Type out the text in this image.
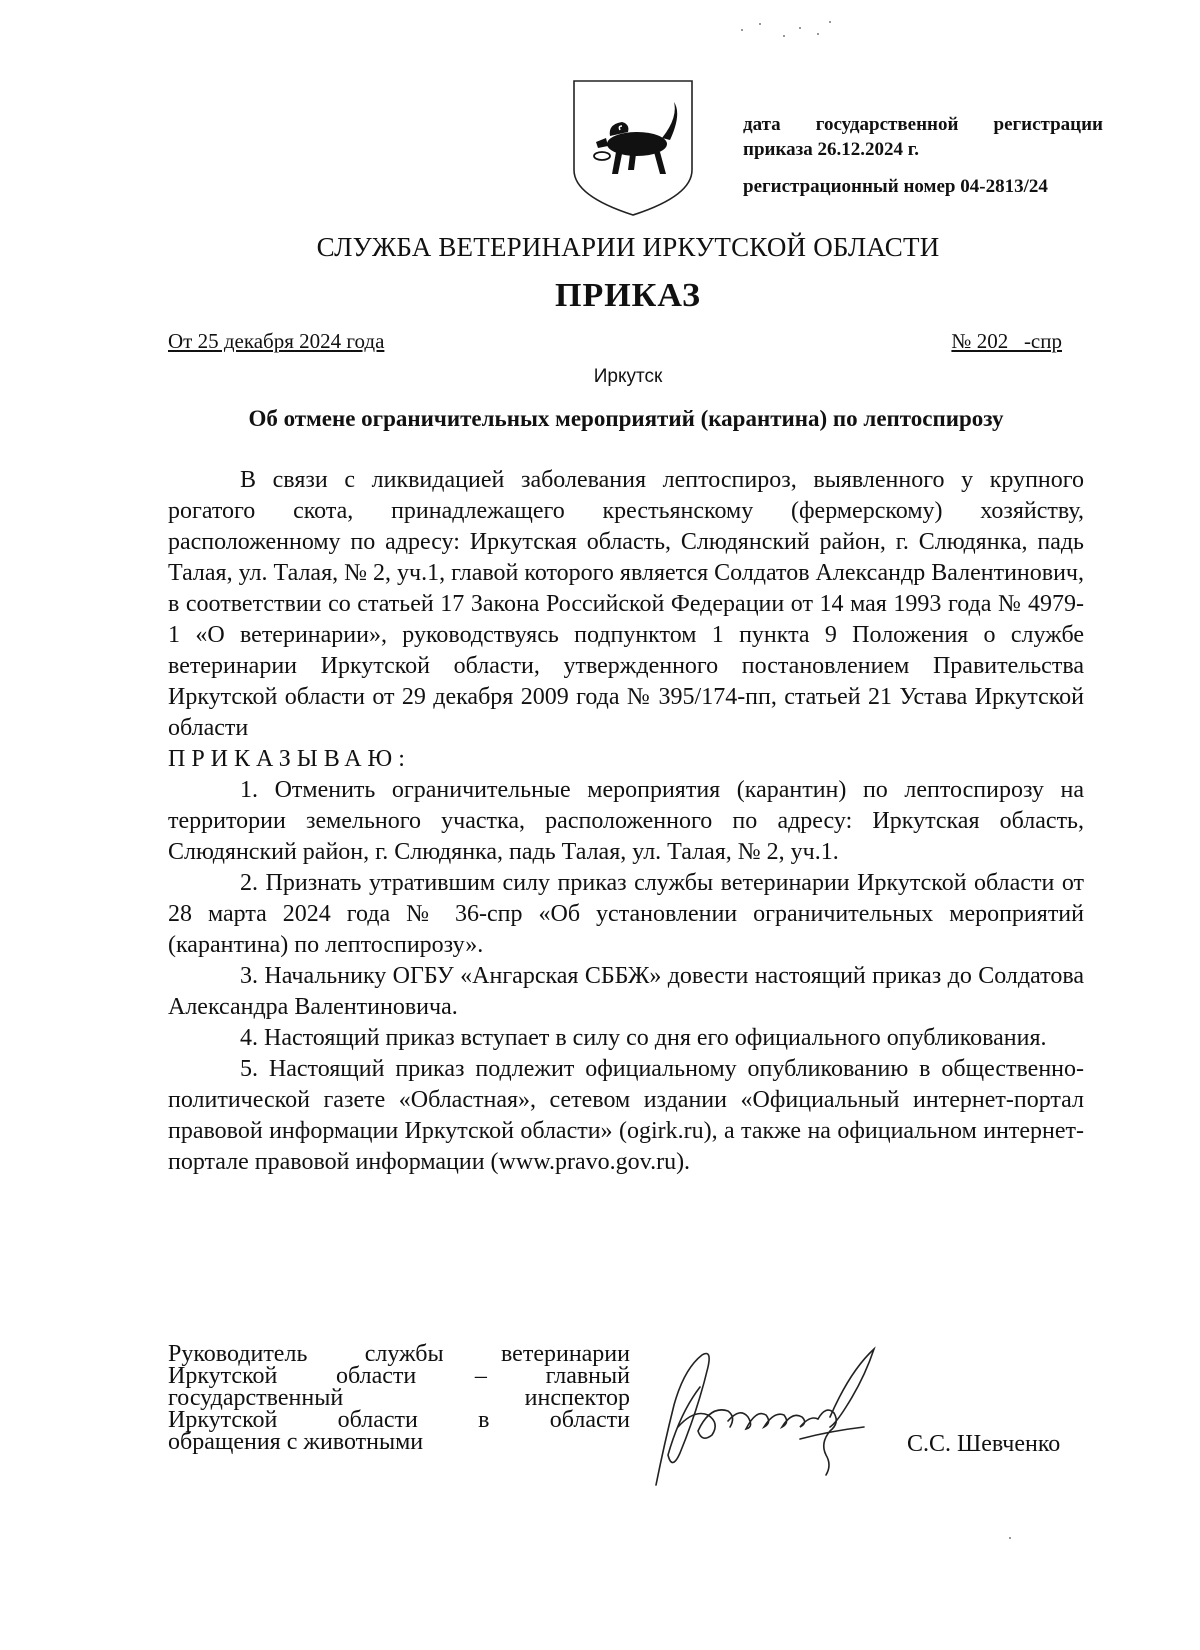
дата государственной регистрации
приказа 26.12.2024 г.
регистрационный номер 04-2813/24
СЛУЖБА ВЕТЕРИНАРИИ ИРКУТСКОЙ ОБЛАСТИ
ПРИКАЗ
От 25 декабря 2024 года	№ 202   -спр
Иркутск
Об отмене ограничительных мероприятий (карантина) по лептоспирозу

В связи с ликвидацией заболевания лептоспироз, выявленного у крупного рогатого скота, принадлежащего крестьянскому (фермерскому) хозяйству, расположенному по адресу: Иркутская область, Слюдянский район, г. Слюдянка, падь Талая, ул. Талая, № 2, уч.1, главой которого является Солдатов Александр Валентинович, в соответствии со статьей 17 Закона Российской Федерации от 14 мая 1993 года № 4979-1 «О ветеринарии», руководствуясь подпунктом 1 пункта 9 Положения о службе ветеринарии Иркутской области, утвержденного постановлением Правительства Иркутской области от 29 декабря 2009 года № 395/174-пп, статьей 21 Устава Иркутской области

ПРИКАЗЫВАЮ:

1. Отменить ограничительные мероприятия (карантин) по лептоспирозу на территории земельного участка, расположенного по адресу: Иркутская область, Слюдянский район, г. Слюдянка, падь Талая, ул. Талая, № 2, уч.1.

2. Признать утратившим силу приказ службы ветеринарии Иркутской области от 28 марта 2024 года № 36-спр «Об установлении ограничительных мероприятий (карантина) по лептоспирозу».

3. Начальнику ОГБУ «Ангарская СББЖ» довести настоящий приказ до Солдатова Александра Валентиновича.

4. Настоящий приказ вступает в силу со дня его официального опубликования.

5. Настоящий приказ подлежит официальному опубликованию в общественно-политической газете «Областная», сетевом издании «Официальный интернет-портал правовой информации Иркутской области» (ogirk.ru), а также на официальном интернет-портале правовой информации (www.pravo.gov.ru).

Руководитель службы ветеринарии
Иркутской области – главный
государственный инспектор
Иркутской области в области
обращения с животными	С.С. Шевченко
